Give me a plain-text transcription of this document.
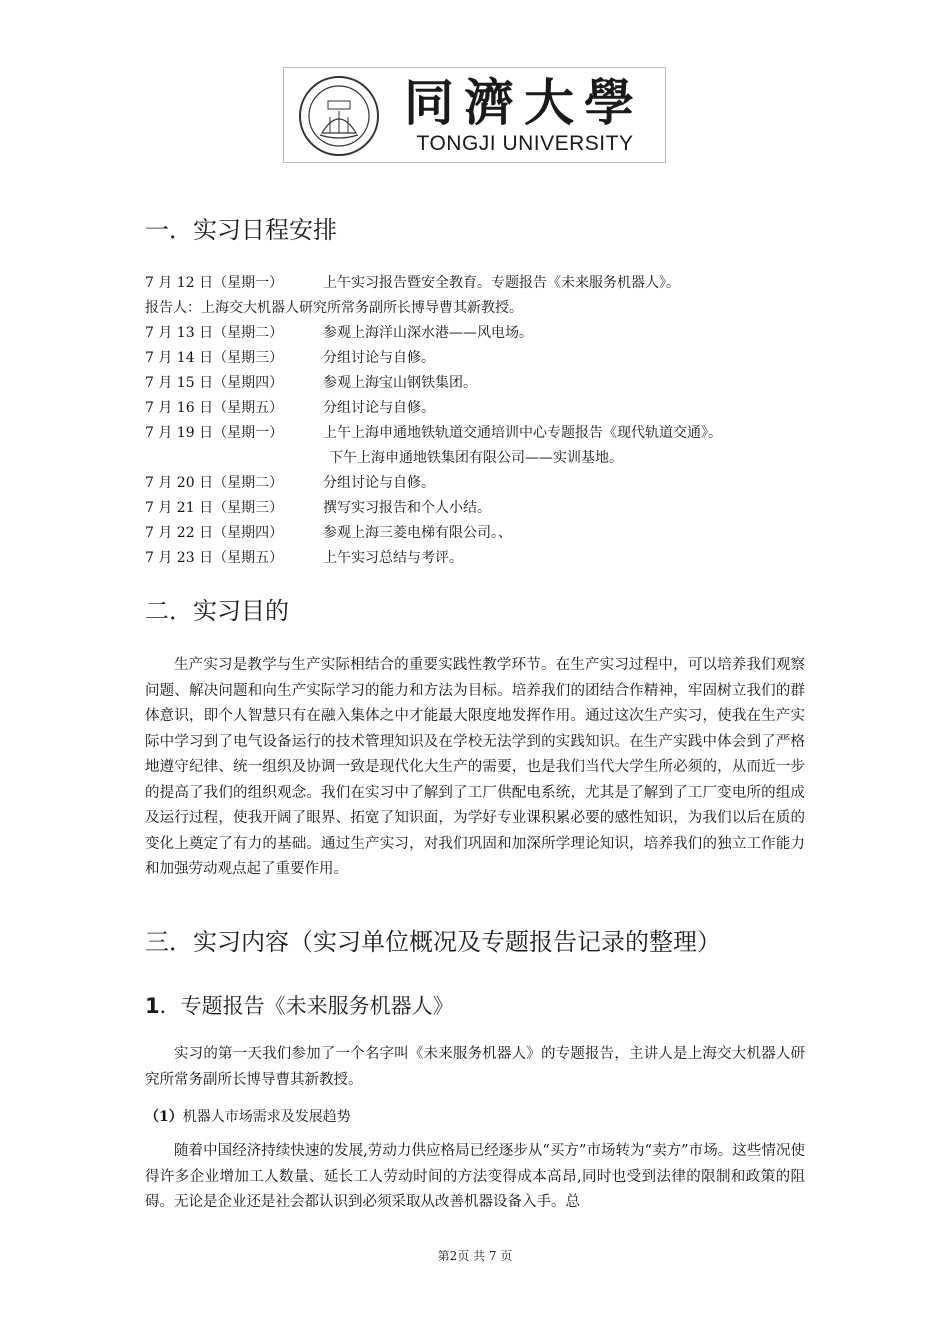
同濟大學
TONGJI UNIVERSITY
一．实习日程安排
7 月 12 日（星期一）	上午实习报告暨安全教育。专题报告《未来服务机器人》。
报告人：上海交大机器人研究所常务副所长博导曹其新教授。
7 月 13 日（星期二）	参观上海洋山深水港——风电场。
7 月 14 日（星期三）	分组讨论与自修。
7 月 15 日（星期四）	参观上海宝山钢铁集团。
7 月 16 日（星期五）	分组讨论与自修。
7 月 19 日（星期一）	上午上海申通地铁轨道交通培训中心专题报告《现代轨道交通》。
下午上海申通地铁集团有限公司——实训基地。
7 月 20 日（星期二）	分组讨论与自修。
7 月 21 日（星期三）	撰写实习报告和个人小结。
7 月 22 日（星期四）	参观上海三菱电梯有限公司。、
7 月 23 日（星期五）	上午实习总结与考评。
二．实习目的

生产实习是教学与生产实际相结合的重要实践性教学环节。在生产实习过程中，可以培养我们观察问题、解决问题和向生产实际学习的能力和方法为目标。培养我们的团结合作精神，牢固树立我们的群体意识，即个人智慧只有在融入集体之中才能最大限度地发挥作用。通过这次生产实习，使我在生产实际中学习到了电气设备运行的技术管理知识及在学校无法学到的实践知识。在生产实践中体会到了严格地遵守纪律、统一组织及协调一致是现代化大生产的需要，也是我们当代大学生所必须的，从而近一步的提高了我们的组织观念。我们在实习中了解到了工厂供配电系统，尤其是了解到了工厂变电所的组成及运行过程，使我开阔了眼界、拓宽了知识面，为学好专业课积累必要的感性知识，为我们以后在质的变化上奠定了有力的基础。通过生产实习，对我们巩固和加深所学理论知识，培养我们的独立工作能力和加强劳动观点起了重要作用。

三．实习内容（实习单位概况及专题报告记录的整理）
1．专题报告《未来服务机器人》

实习的第一天我们参加了一个名字叫《未来服务机器人》的专题报告，主讲人是上海交大机器人研究所常务副所长博导曹其新教授。

（1）机器人市场需求及发展趋势

随着中国经济持续快速的发展,劳动力供应格局已经逐步从“买方”市场转为“卖方”市场。这些情况使得许多企业增加工人数量、延长工人劳动时间的方法变得成本高昂,同时也受到法律的限制和政策的阻碍。无论是企业还是社会都认识到必须采取从改善机器设备入手。总

第2页 共 7 页
